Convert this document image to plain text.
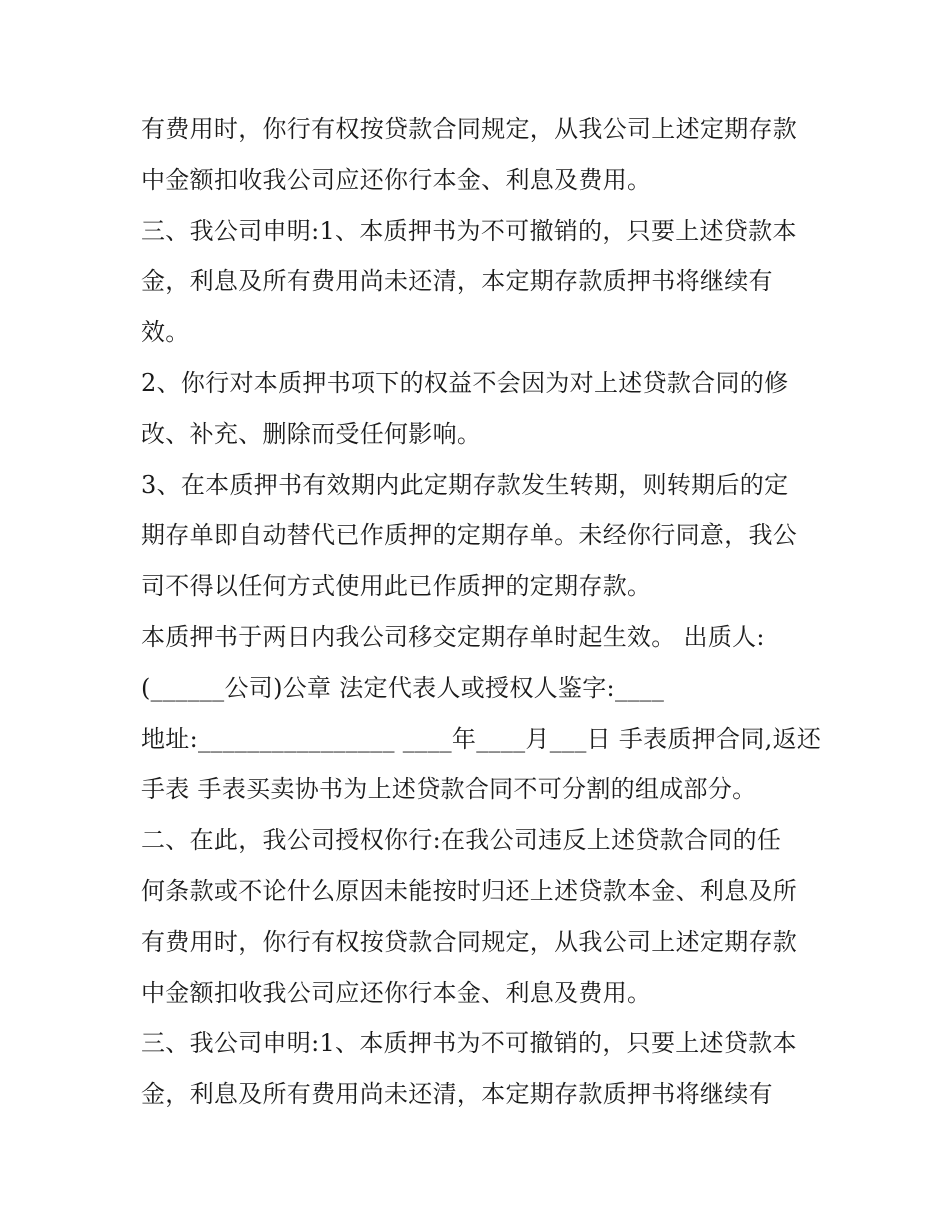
有费用时，你行有权按贷款合同规定，从我公司上述定期存款
中金额扣收我公司应还你行本金、利息及费用。
三、我公司申明:1、本质押书为不可撤销的，只要上述贷款本
金，利息及所有费用尚未还清，本定期存款质押书将继续有
效。
2、你行对本质押书项下的权益不会因为对上述贷款合同的修
改、补充、删除而受任何影响。
3、在本质押书有效期内此定期存款发生转期，则转期后的定
期存单即自动替代已作质押的定期存单。未经你行同意，我公
司不得以任何方式使用此已作质押的定期存款。
本质押书于两日内我公司移交定期存单时起生效。 出质人:
(______公司)公章 法定代表人或授权人鉴字:____
地址:________________ ____年____月___日 手表质押合同,返还
手表 手表买卖协书为上述贷款合同不可分割的组成部分。
二、在此，我公司授权你行:在我公司违反上述贷款合同的任
何条款或不论什么原因未能按时归还上述贷款本金、利息及所
有费用时，你行有权按贷款合同规定，从我公司上述定期存款
中金额扣收我公司应还你行本金、利息及费用。
三、我公司申明:1、本质押书为不可撤销的，只要上述贷款本
金，利息及所有费用尚未还清，本定期存款质押书将继续有
